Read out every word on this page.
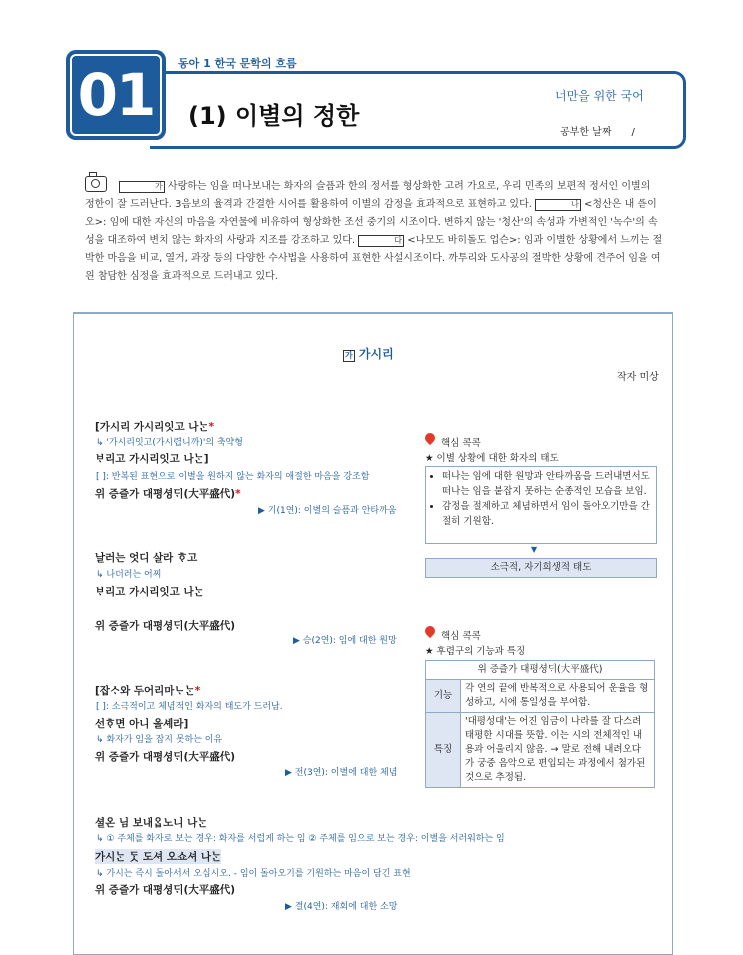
01	동아 1 한국 문학의 흐름
(1) 이별의 정한
너만을 위한 국어
공부한 날짜　　/
가 사랑하는 임을 떠나보내는 화자의 슬픔과 한의 정서를 형상화한 고려 가요로, 우리 민족의 보편적 정서인 이별의 정한이 잘 드러난다. 3음보의 율격과 간결한 시어를 활용하여 이별의 감정을 효과적으로 표현하고 있다.	나 <청산은 내 ᄯᅳᆮ이오>: 임에 대한 자신의 마음을 자연물에 비유하여 형상화한 조선 중기의 시조이다. 변하지 않는 '청산'의 속성과 가변적인 '녹수'의 속성을 대조하여 변치 않는 화자의 사랑과 지조를 강조하고 있다.	다 <나모도 바히돌도 업슨>: 임과 이별한 상황에서 느끼는 절박한 마음을 비교, 열거, 과장 등의 다양한 수사법을 사용하여 표현한 사설시조이다. 까투리와 도사공의 절박한 상황에 견주어 임을 여읜 참담한 심정을 효과적으로 드러내고 있다.
가 가시리
작자 미상
[가시리 가시리잇고 나ᄂᆞᆫ*
↳ '가시리잇고(가시렵니까)'의 축약형
ᄇᆞ리고 가시리잇고 나ᄂᆞᆫ]
[ ]: 반복된 표현으로 이별을 원하지 않는 화자의 애절한 마음을 강조함
위 증즐가 대평셩ᄃᆡ(大平盛代)*
▶ 기(1연): 이별의 슬픔과 안타까움
날러는 엇디 살라 ᄒᆞ고
↳ 나더러는 어찌
ᄇᆞ리고 가시리잇고 나ᄂᆞᆫ
위 증즐가 대평셩ᄃᆡ(大平盛代)
▶ 승(2연): 임에 대한 원망
[잡ᄉᆞ와 두어리마ᄂᆞᄂᆞᆫ*
[ ]: 소극적이고 체념적인 화자의 태도가 드러남.
선ᄒᆞ면 아니 올셰라]
↳ 화자가 임을 잡지 못하는 이유
위 증즐가 대평셩ᄃᆡ(大平盛代)
▶ 전(3연): 이별에 대한 체념
셜온 님 보내ᄋᆞᆸ노니 나ᄂᆞᆫ
↳ ① 주체를 화자로 보는 경우: 화자를 서럽게 하는 임 ② 주체를 임으로 보는 경우: 이별을 서러워하는 임
가시ᄂᆞᆫ ᄃᆞᆺ 도셔 오쇼셔 나ᄂᆞᆫ
↳ 가시는 즉시 돌아서서 오십시오. - 임이 돌아오기를 기원하는 마음이 담긴 표현
위 증즐가 대평셩ᄃᆡ(大平盛代)
▶ 결(4연): 재회에 대한 소망
핵심 콕콕
★ 이별 상황에 대한 화자의 태도
• 떠나는 임에 대한 원망과 안타까움을 드러내면서도 떠나는 임을 붙잡지 못하는 순종적인 모습을 보임.
• 감정을 절제하고 체념하면서 임이 돌아오기만을 간절히 기원함.
▼
소극적, 자기희생적 태도
핵심 콕콕
★ 후렴구의 기능과 특징
위 증즐가 대평셩ᄃᆡ(大平盛代)	
기능	각 연의 끝에 반복적으로 사용되어 운율을 형성하고, 시에 통일성을 부여함.
특징	'대평성대'는 어진 임금이 나라를 잘 다스려 태평한 시대를 뜻함. 이는 시의 전체적인 내용과 어울리지 않음. → 말로 전해 내려오다가 궁중 음악으로 편입되는 과정에서 첨가된 것으로 추정됨.
